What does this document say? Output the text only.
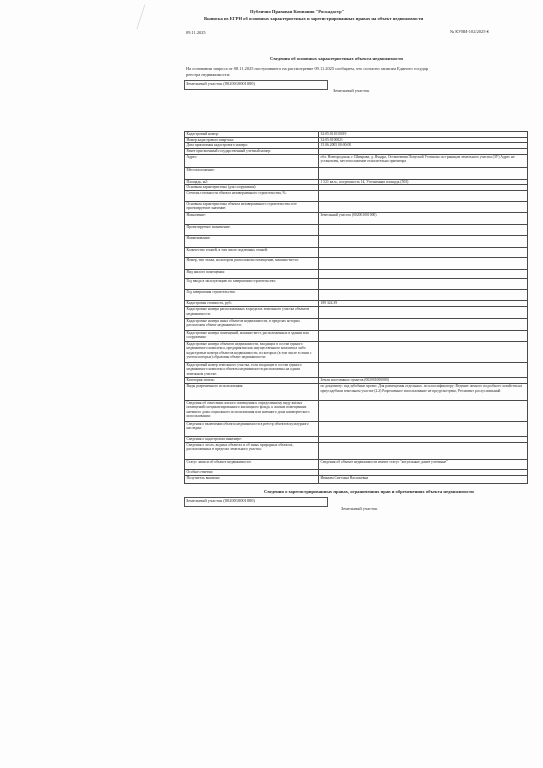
Публично Правовая Компания "Роскадастр"
Выписка из ЕГРН об основных характеристиках и зарегистрированных правах на объект недвижимости
09.11.2025	№ КУВИ-102/2025-€
Сведения об основных характеристиках объекта недвижимости
На основании запроса от 08.11.2025 поступившего на рассмотрение 09.11.2025 сообщаем, что согласно записям Единого государ
реестра недвижимости:
Земельный участок (0020010001000)
Земельный участок
Кадастровый номер:	32:05:011010019
Номер кадастрового квартала:	32:05:0100021
Дата присвоения кадастрового номера:	15.06.2005 00:00:00
Ранее присвоенный государственный учетный номер:	
Адрес:	обл. Новгородская, г. Шимрава, д. Ячадра, Осташевичи/Лопуской Уточнено по границам земельного участка (ЗУ) Адрес не установлен, местоположение относительно ориентира
Местоположение:	
Площадь, м2:	1 521 кв.м., погрешность 14, Уточненная площадь (503)
Основная характеристика (для сооружения):	
Степень готовности объекта незавершенного строительства, %:	
Основная характеристика объекта незавершенного строительства и ее проектируемое значение:	
Назначение:	Земельный участок (002001001000)
Проектируемое назначение:	
Наименование:	
Количество этажей, в том числе подземных этажей:	
Номер, тип этажа, на котором расположено помещение, машино-место:	
Вид жилого помещения:	
Год ввода в эксплуатацию по завершении строительства:	
Год завершения строительства:	
Кадастровая стоимость, руб.:	189 324.39
Кадастровые номера расположенных в пределах земельного участка объектов недвижимости:	
Кадастровые номера иных объектов недвижимости, в пределах которых расположен объект недвижимости:	
Кадастровые номера помещений, машино-мест, расположенных в здании или сооружении:	
Кадастровые номера объектов недвижимости, входящих в состав единого недвижимого комплекса, предприятия как имущественного комплекса либо кадастровые номера объектов недвижимости, из которых (в том числе в связи с учетом которых) образован объект недвижимости:	
Кадастровый номер земельного участка, если входящие в состав единого недвижимого комплекса объекты недвижимости расположены на одном земельном участке:	
Категория земель:	Земли населенных пунктов (002001000000)
Виды разрешенного использования:	по документу: под зубобные проект. Для размещения отдельных. по классификатору: Ведение личного подсобного хозяйства на приусадебном земельном участке (2.2) Разрешенное использование не предусмотрено, Регламент рослуслишьный
Сведения об отнесении жилого помещения к определенному виду жилых помещений специализированного жилищного фонда, к жилым помещениям наемного дома социального использования или наемного дома коммерческого использования:	
Сведения о включении объекта недвижимости в реестр объектов культурного наследия:	
Сведения о кадастровом инженере:	
Сведения о лесах, водных объектах и об иных природных объектах, расположенных в пределах земельного участка:	
Статус записи об объекте недвижимости:	Сведения об объекте недвижимости имеют статус "актуальные, ранее учтенные"
Особые отметки:	
Получатель выписки:	Иванова Светлана Васильевна
Сведения о зарегистрированных правах, ограничениях прав и обременениях объекта недвижимости
Земельный участок (0020010001000)
Земельный участок
